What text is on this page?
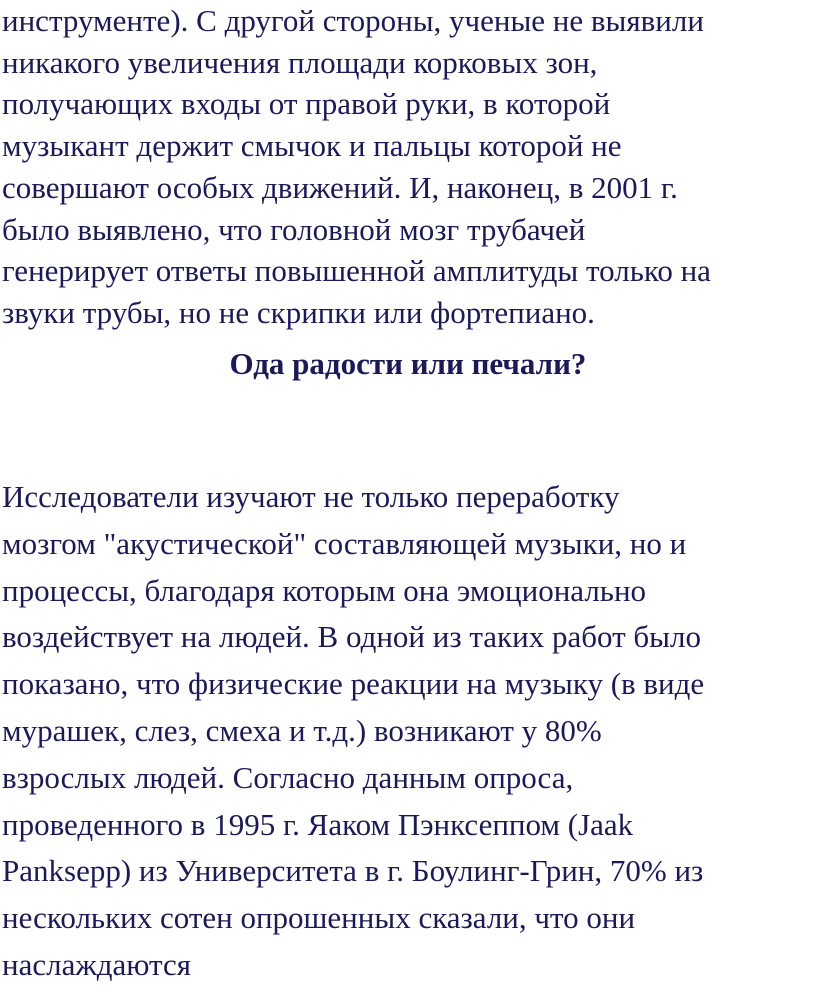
инструменте). С другой стороны, ученые не выявили
никакого увеличения площади корковых зон,
получающих входы от правой руки, в которой
музыкант держит смычок и пальцы которой не
совершают особых движений. И, наконец, в 2001 г.
было выявлено, что головной мозг трубачей
генерирует ответы повышенной амплитуды только на
звуки трубы, но не скрипки или фортепиано.

Ода радости или печали?

Исследователи изучают не только переработку
мозгом "акустической" составляющей музыки, но и
процессы, благодаря которым она эмоционально
воздействует на людей. В одной из таких работ было
показано, что физические реакции на музыку (в виде
мурашек, слез, смеха и т.д.) возникают у 80%
взрослых людей. Согласно данным опроса,
проведенного в 1995 г. Яаком Пэнксеппом (Jaak
Panksepp) из Университета в г. Боулинг-Грин, 70% из
нескольких сотен опрошенных сказали, что они
наслаждаются
